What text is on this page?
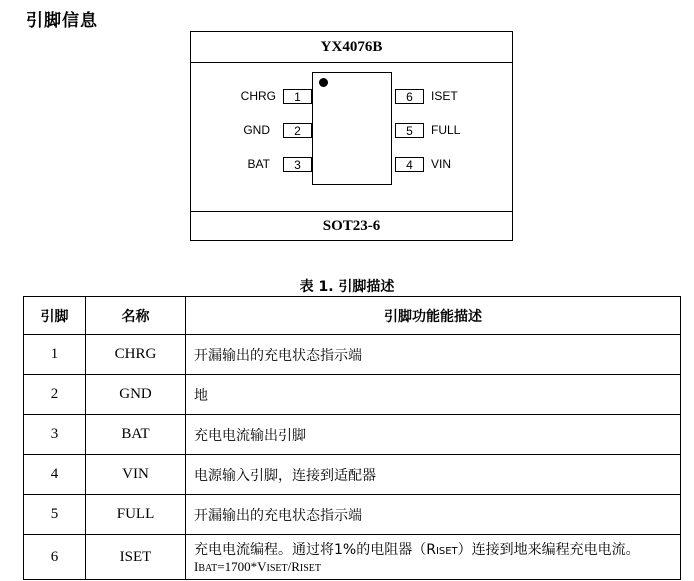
引脚信息
YX4076B
CHRG	1
GND	2
BAT	3
6	ISET
5	FULL
4	VIN
SOT23-6
表 1. 引脚描述
引脚	名称	引脚功能能描述
1	CHRG	开漏输出的充电状态指示端
2	GND	地
3	BAT	充电电流输出引脚
4	VIN	电源输入引脚，连接到适配器
5	FULL	开漏输出的充电状态指示端
6	ISET	充电电流编程。通过将1%的电阻器（RISET）连接到地来编程充电电流。
IBAT=1700*VISET/RISET
